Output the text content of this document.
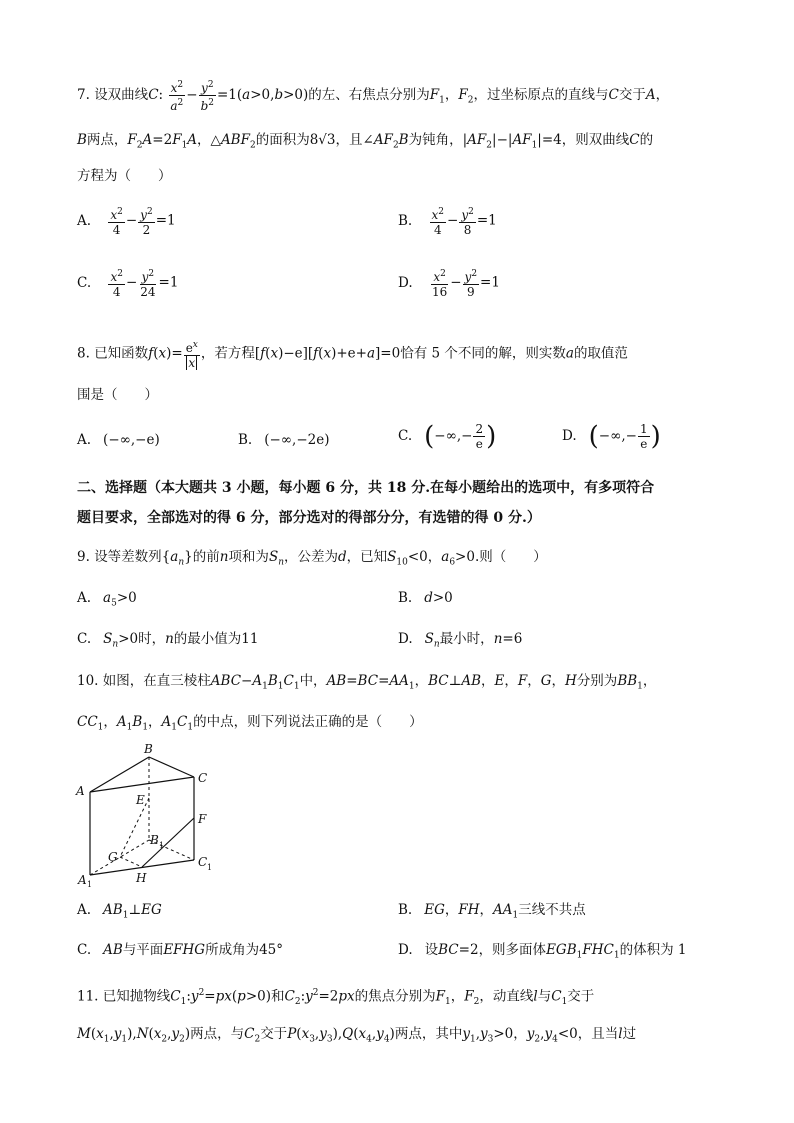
7. 设双曲线C: $\frac{x^2}{a^2} - \frac{y^2}{b^2} =1(a>0,b>0)$的左、右焦点分别为$F_1$，$F_2$，过坐标原点的直线与C交于A，
B两点，$F_2A=2F_1A$，$\triangle ABF_2$的面积为8√3，且$\angle AF_2B$为钝角，$|AF_2|-|AF_1|=4$，则双曲线C的
方程为（　　）
A. $\frac{x^2}{4} - \frac{y^2}{2} =1$	B. $\frac{x^2}{4} - \frac{y^2}{8} =1$
C. $\frac{x^2}{4} - \frac{y^2}{24} =1$	D. $\frac{x^2}{16} - \frac{y^2}{9} =1$
8. 已知函数$f(x)= \frac{e^x}{x}$ ，若方程[f(x)−e][f(x)+e+a]=0恰有 5 个不同的解，则实数a的取值范
围是（　　）
A. (−∞,−e)	B. (−∞,−2e)	C. (−∞,− $\frac{2}{e}$ )	D. (−∞,− $\frac{1}{e}$ )
二、选择题（本大题共 3 小题，每小题 6 分，共 18 分.在每小题给出的选项中，有多项符合
题目要求，全部选对的得 6 分，部分选对的得部分分，有选错的得 0 分.）
9. 设等差数列$\{a_n\}$的前n项和为$S_n$，公差为d，已知$S_{10}<0$，$a_6>0$.则（　　）
A. $a_5>0$	B. d>0
C. $S_n>0$时，n的最小值为11	D. $S_n$最小时，n=6
10. 如图，在直三棱柱$ABC-A_1B_1C_1$中，$AB=BC=AA_1$，BC⊥AB，E，F，G，H分别为$BB_1$，
$CC_1$，$A_1B_1$，$A_1C_1$的中点，则下列说法正确的是（　　）
A
B
C
E
F
B 1
G	C 1
A 1	H
A. $AB_1\perp EG$	B. EG，FH，$AA_1$三线不共点
C. AB与平面EFHG所成角为45°	D. 设BC=2，则多面体$EGB_1FHC_1$的体积为 1
11. 已知抛物线$C_1:y^2=px(p>0)$和$C_2:y^2=2px$的焦点分别为$F_1$，$F_2$，动直线l与$C_1$交于
$M(x_1,y_1),N(x_2,y_2)$两点，与$C_2$交于$P(x_3,y_3),Q(x_4,y_4)$两点，其中$y_1,y_3>0$，$y_2,y_4<0$，且当l过
